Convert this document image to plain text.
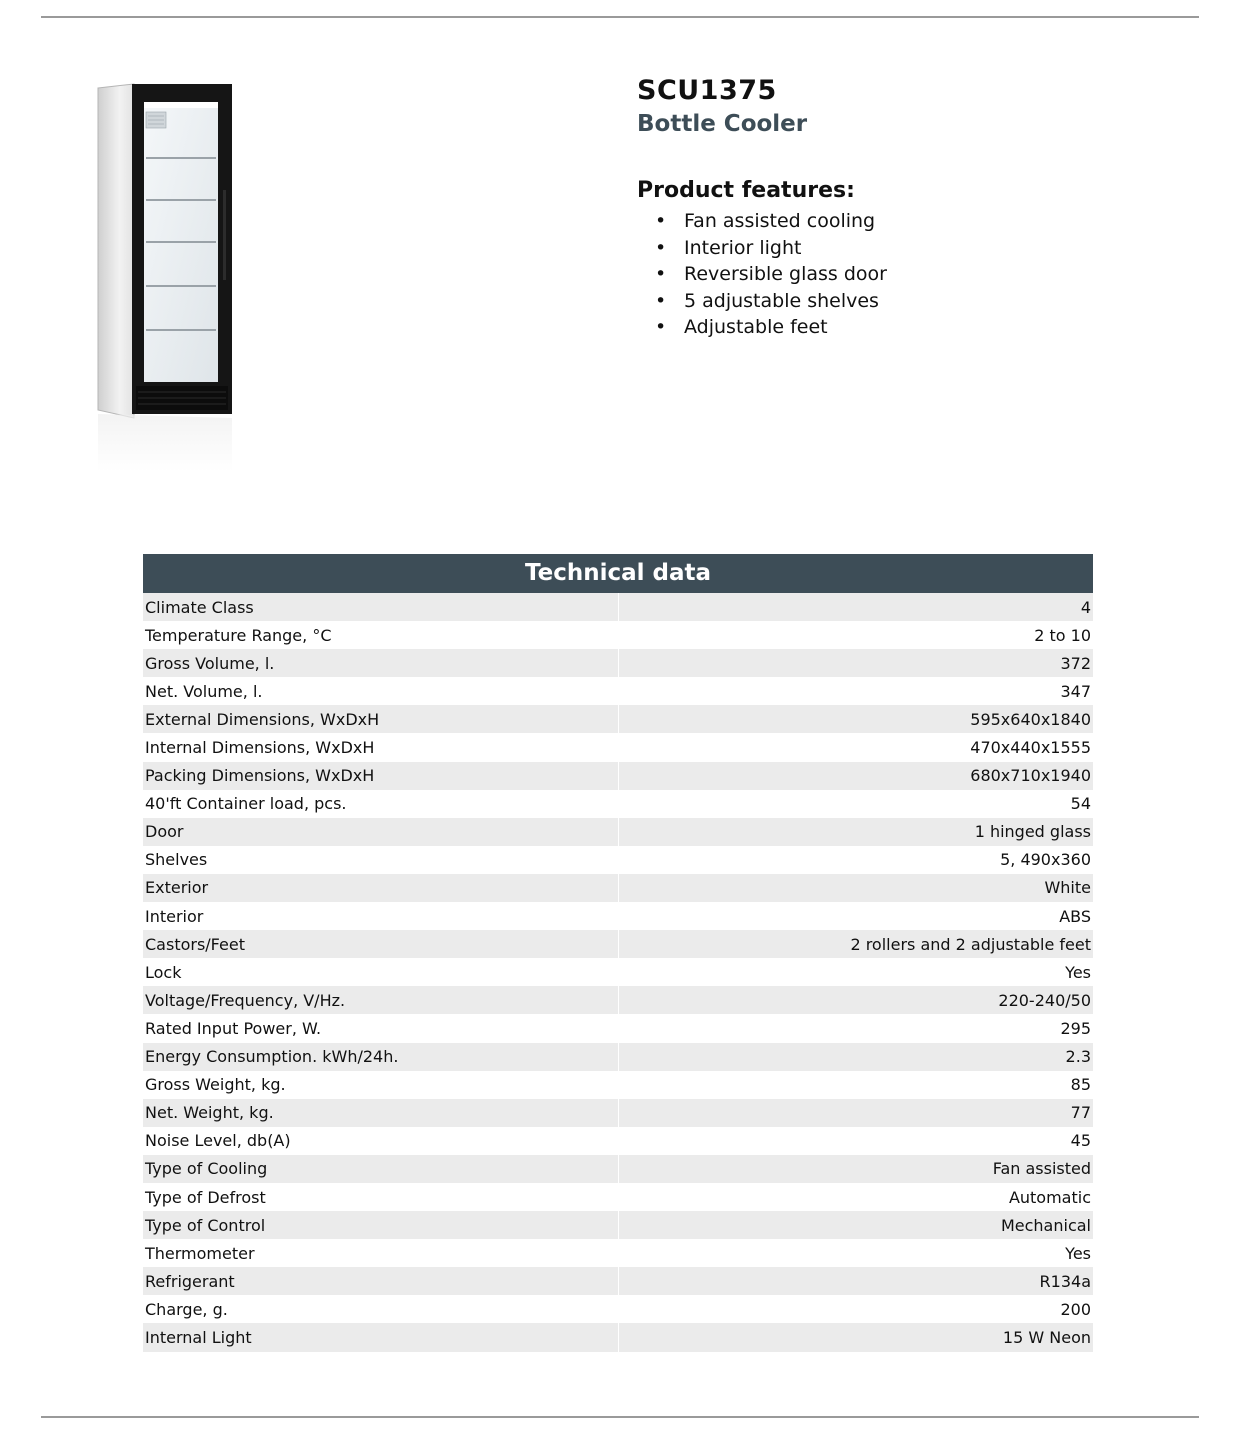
SCU1375
Bottle Cooler
Product features:
• Fan assisted cooling
• Interior light
• Reversible glass door
• 5 adjustable shelves
• Adjustable feet
Technical data
Climate Class	4
Temperature Range, °C	2 to 10
Gross Volume, l.	372
Net. Volume, l.	347
External Dimensions, WxDxH	595x640x1840
Internal Dimensions, WxDxH	470x440x1555
Packing Dimensions, WxDxH	680x710x1940
40'ft Container load, pcs.	54
Door	1 hinged glass
Shelves	5, 490x360
Exterior	White
Interior	ABS
Castors/Feet	2 rollers and 2 adjustable feet
Lock	Yes
Voltage/Frequency, V/Hz.	220-240/50
Rated Input Power, W.	295
Energy Consumption. kWh/24h.	2.3
Gross Weight, kg.	85
Net. Weight, kg.	77
Noise Level, db(A)	45
Type of Cooling	Fan assisted
Type of Defrost	Automatic
Type of Control	Mechanical
Thermometer	Yes
Refrigerant	R134a
Charge, g.	200
Internal Light	15 W Neon
